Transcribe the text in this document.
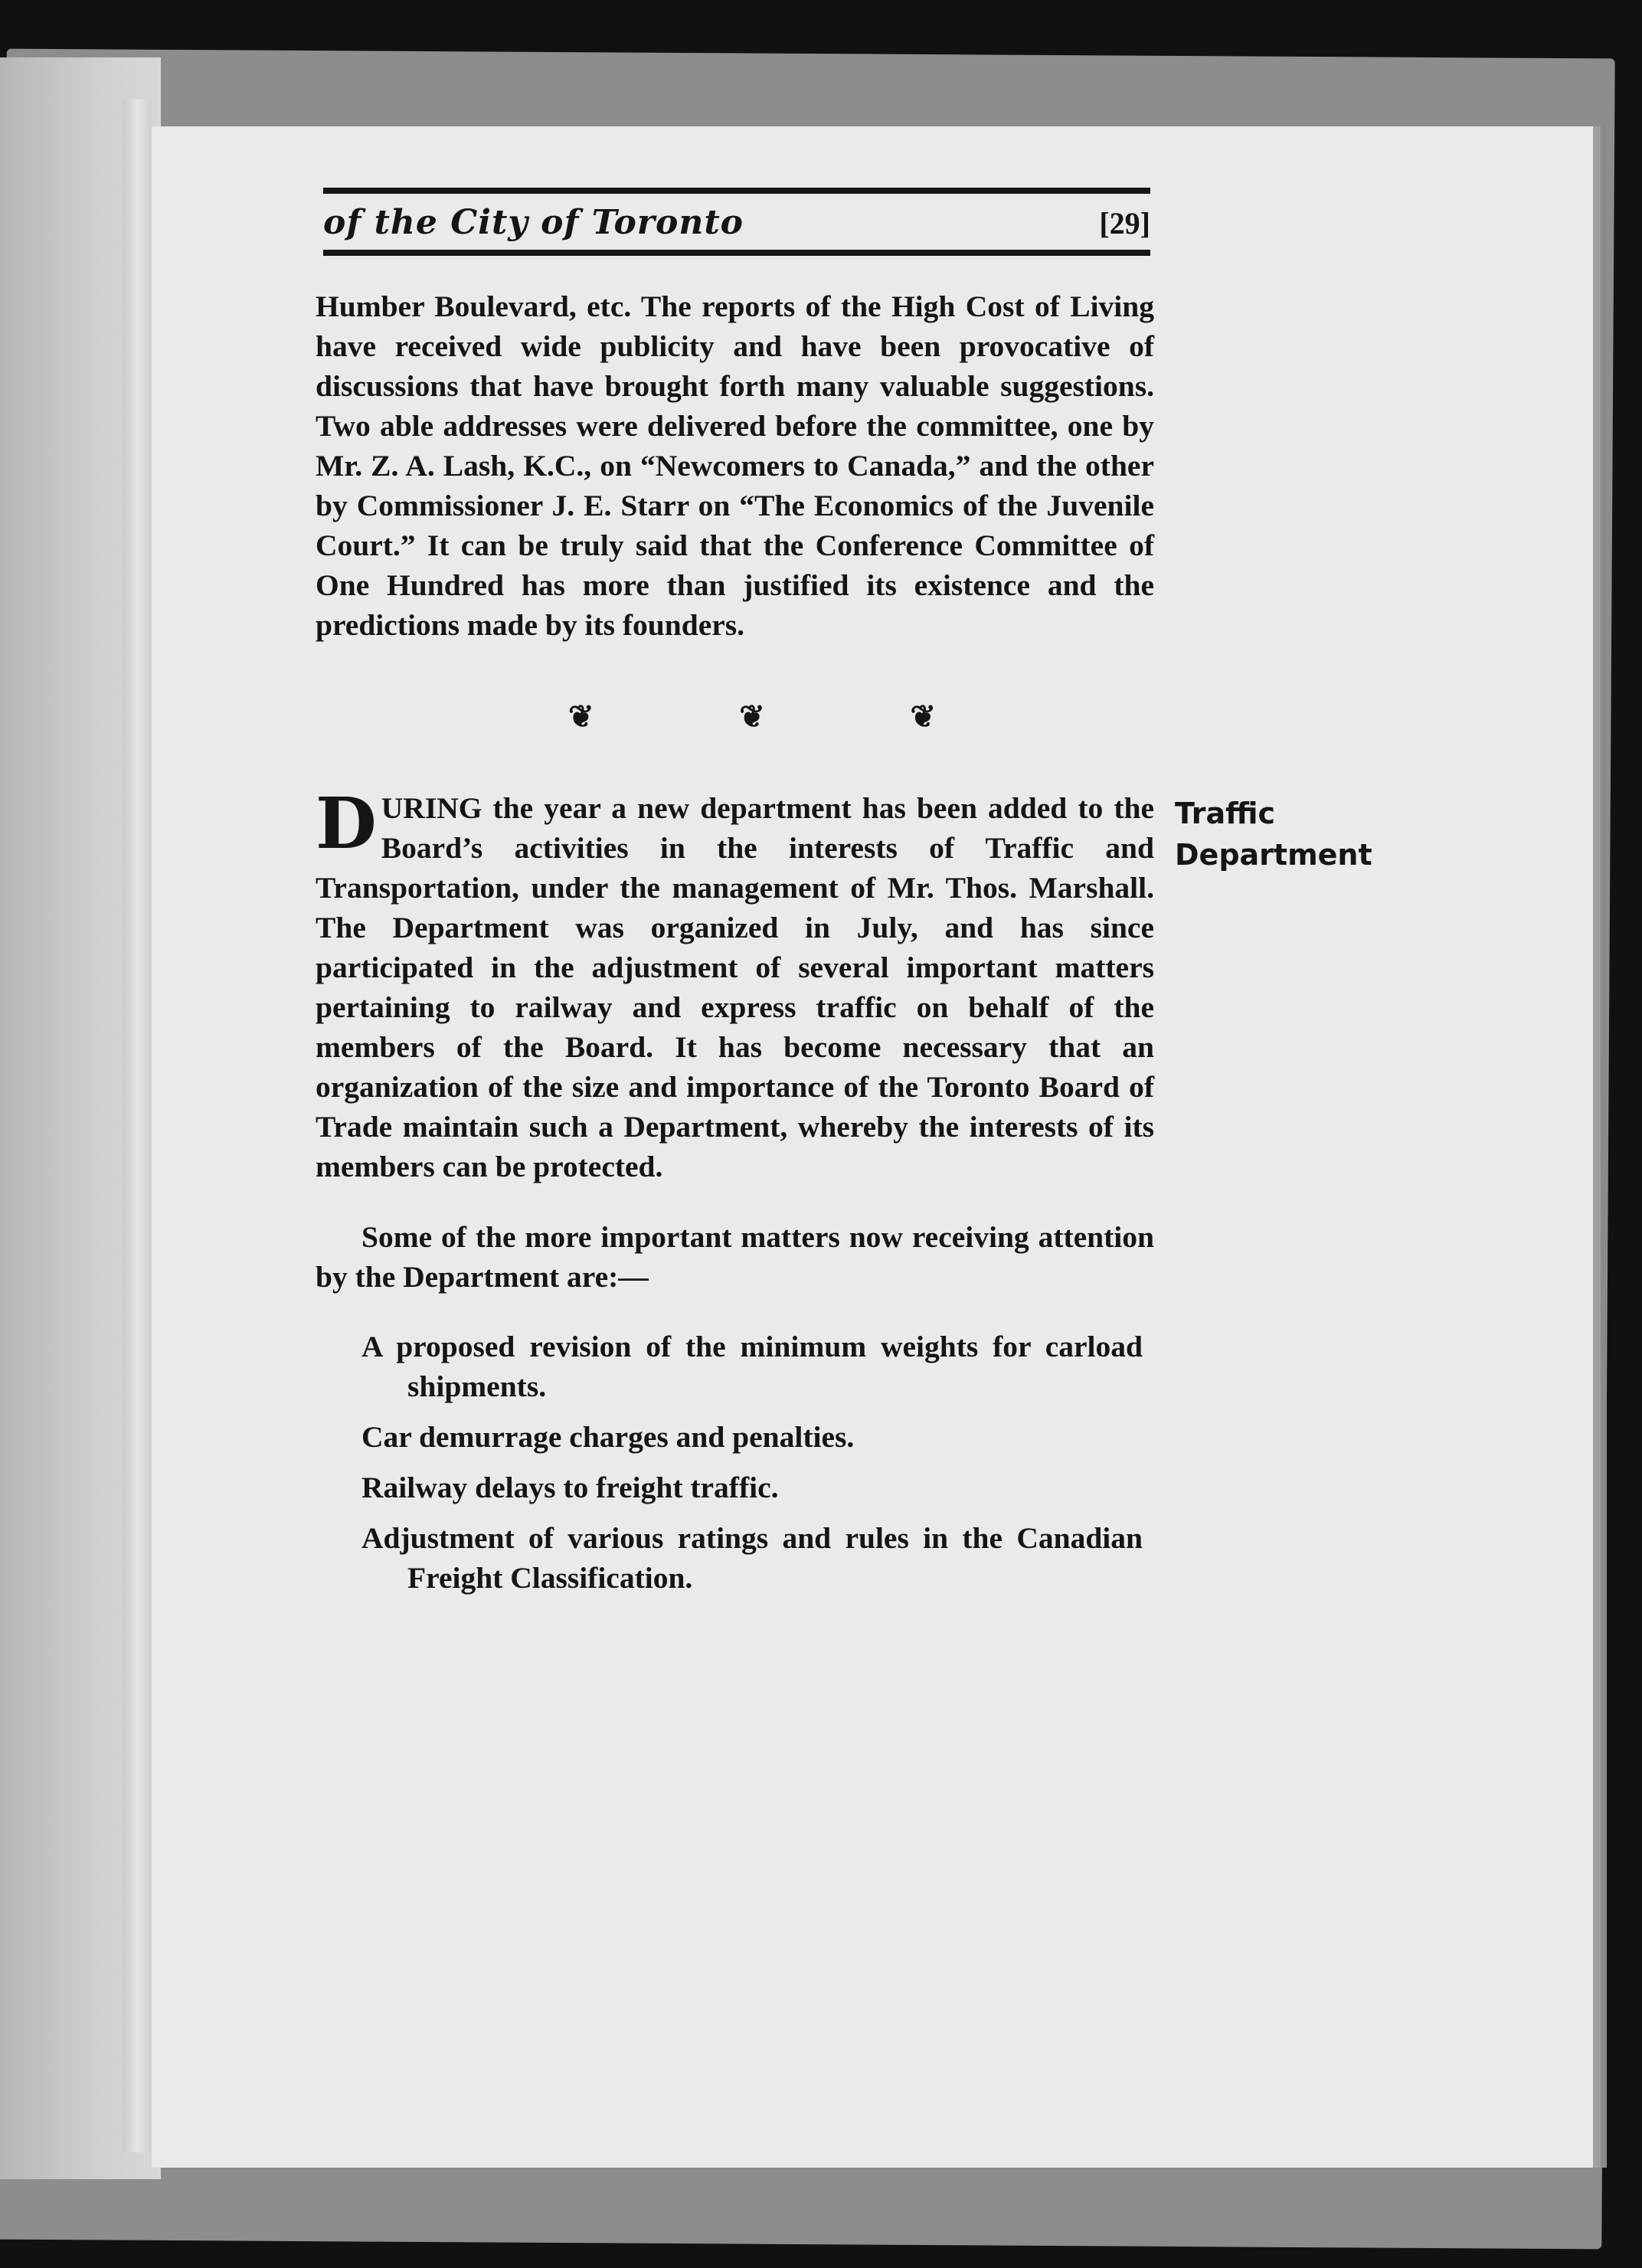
of the City of Toronto	[29]

Humber Boulevard, etc. The reports of the High Cost of Living have received wide publicity and have been provocative of discussions that have brought forth many valuable suggestions. Two able addresses were delivered before the committee, one by Mr. Z. A. Lash, K.C., on “Newcomers to Canada,” and the other by Commissioner J. E. Starr on “The Economics of the Juvenile Court.” It can be truly said that the Conference Committee of One Hundred has more than justified its existence and the predictions made by its founders.

❦	❦	❦
Traffic
Department

DURING the year a new department has been added to the Board’s activities in the interests of Traffic and Transportation, under the management of Mr. Thos. Marshall. The Department was organized in July, and has since participated in the adjustment of several important matters pertaining to railway and express traffic on behalf of the members of the Board. It has become necessary that an organization of the size and importance of the Toronto Board of Trade maintain such a Department, whereby the interests of its members can be protected.

Some of the more important matters now receiving attention by the Department are:—

A proposed revision of the minimum weights for carload shipments.
Car demurrage charges and penalties.
Railway delays to freight traffic.
Adjustment of various ratings and rules in the Canadian Freight Classification.
